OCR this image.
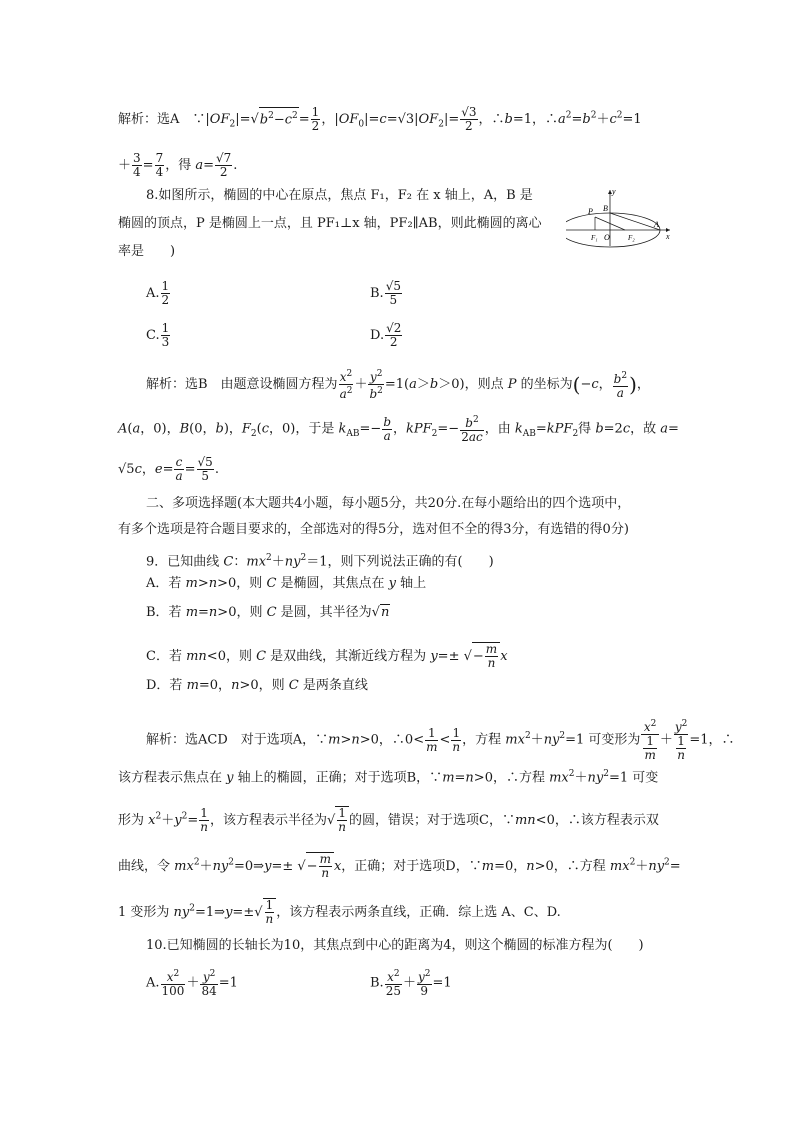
解析：选A　$\because|OF_2|=√b^2-c^2= \frac{1}{2}$ ，$|OF_0|=c=√3|OF_2|= \frac{√3}{2}$ ，∴b=1，$\therefore a^2=b^2+c^2=1$
＋ $\frac{3}{4} = \frac{7}{4}$ ，得 $a= \frac{√7}{2}$ .
8.如图所示，椭圆的中心在原点，焦点 F₁，F₂ 在 x 轴上，A，B 是
椭圆的顶点，P 是椭圆上一点，且 PF₁⊥x 轴，PF₂∥AB，则此椭圆的离心
率是　　)
y
P B
A
F₁ O	F₂	x
A. $\frac{1}{2}$	B. $\frac{√5}{5}$
C. $\frac{1}{3}$	D. $\frac{√2}{2}$
解析：选B　由题意设椭圆方程为 $\frac{x^2}{a^2} + \frac{y^2}{b^2} =1(a>b>0)$，则点 P 的坐标为(−c， $\frac{b^2}{a}$ )，
A(a，0)，B(0，b)，$F_2(c$，0)，于是 $k_{AB}=- \frac{b}{a}$ ，$kPF_2=- \frac{b^2}{2ac}$ ，由 $k_{AB}=kPF_2$得 b=2c，故 a=
√5c，$e= \frac{c}{a} = \frac{√5}{5}$ .
二、多项选择题(本大题共4小题，每小题5分，共20分.在每小题给出的四个选项中，
有多个选项是符合题目要求的，全部选对的得5分，选对但不全的得3分，有选错的得0分)
9．已知曲线 C：$mx^2+ny^2=1$，则下列说法正确的有(　　)
A．若 m>n>0，则 C 是椭圆，其焦点在 y 轴上
B．若 m=n>0，则 C 是圆，其半径为√n
C．若 mn<0，则 C 是双曲线，其渐近线方程为 y=± √− $\frac{m}{n}$ x
D．若 m=0，n>0，则 C 是两条直线
解析：选ACD　对于选项A，∵m>n>0，∴0< $\frac{1}{m} < \frac{1}{n}$ ，方程 $mx^2+ny^2=1$ 可变形为 $\frac{x^2}{\frac{1}{m}} + \frac{y^2}{\frac{1}{n}} =1$，∴
该方程表示焦点在 y 轴上的椭圆，正确；对于选项B，∵m=n>0，∴方程 $mx^2+ny^2=1$ 可变
形为 $x^2+y^2= \frac{1}{n}$ ，该方程表示半径为√ $\frac{1}{n}$ 的圆，错误；对于选项C，∵mn<0，∴该方程表示双
曲线，令 $mx^2+ny^2=0\Rightarrow y=\pm$ √− $\frac{m}{n}$ x，正确；对于选项D，∵m=0，n>0，∴方程 $mx^2+ny^2=$
1 变形为 $ny^2=1\Rightarrow y=\pm√ \frac{1}{n}$ ，该方程表示两条直线，正确．综上选 A、C、D.
10.已知椭圆的长轴长为10，其焦点到中心的距离为4，则这个椭圆的标准方程为(　　)
A. $\frac{x^2}{100} + \frac{y^2}{84} =1$	B. $\frac{x^2}{25} + \frac{y^2}{9} =1$
